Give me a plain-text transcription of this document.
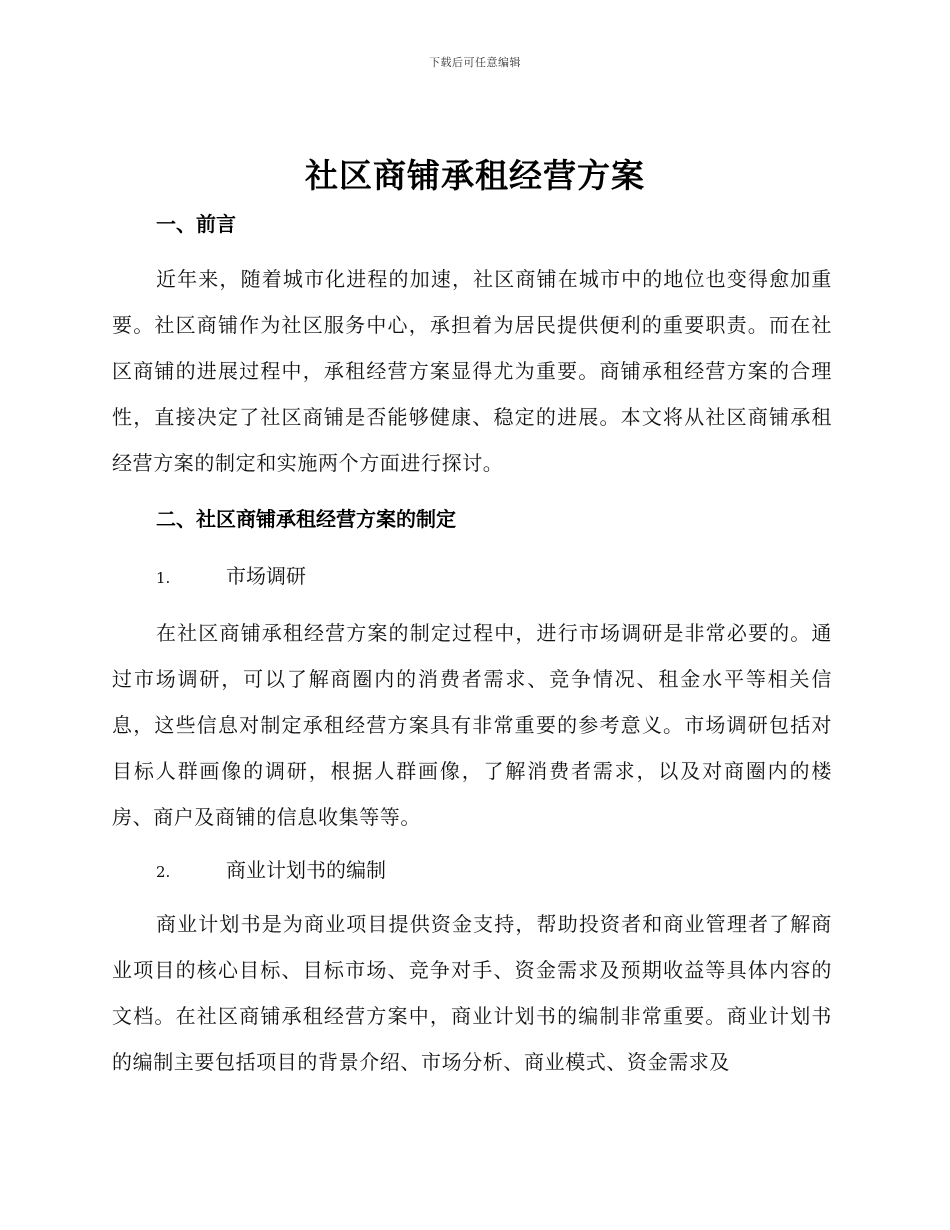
下载后可任意编辑
社区商铺承租经营方案
一、前言
近年来，随着城市化进程的加速，社区商铺在城市中的地位也变得愈加重要。社区商铺作为社区服务中心，承担着为居民提供便利的重要职责。而在社区商铺的进展过程中，承租经营方案显得尤为重要。商铺承租经营方案的合理性，直接决定了社区商铺是否能够健康、稳定的进展。本文将从社区商铺承租经营方案的制定和实施两个方面进行探讨。
二、社区商铺承租经营方案的制定
1.	市场调研
在社区商铺承租经营方案的制定过程中，进行市场调研是非常必要的。通过市场调研，可以了解商圈内的消费者需求、竞争情况、租金水平等相关信息，这些信息对制定承租经营方案具有非常重要的参考意义。市场调研包括对目标人群画像的调研，根据人群画像，了解消费者需求，以及对商圈内的楼房、商户及商铺的信息收集等等。
2.	商业计划书的编制
商业计划书是为商业项目提供资金支持，帮助投资者和商业管理者了解商业项目的核心目标、目标市场、竞争对手、资金需求及预期收益等具体内容的文档。在社区商铺承租经营方案中，商业计划书的编制非常重要。商业计划书的编制主要包括项目的背景介绍、市场分析、商业模式、资金需求及
